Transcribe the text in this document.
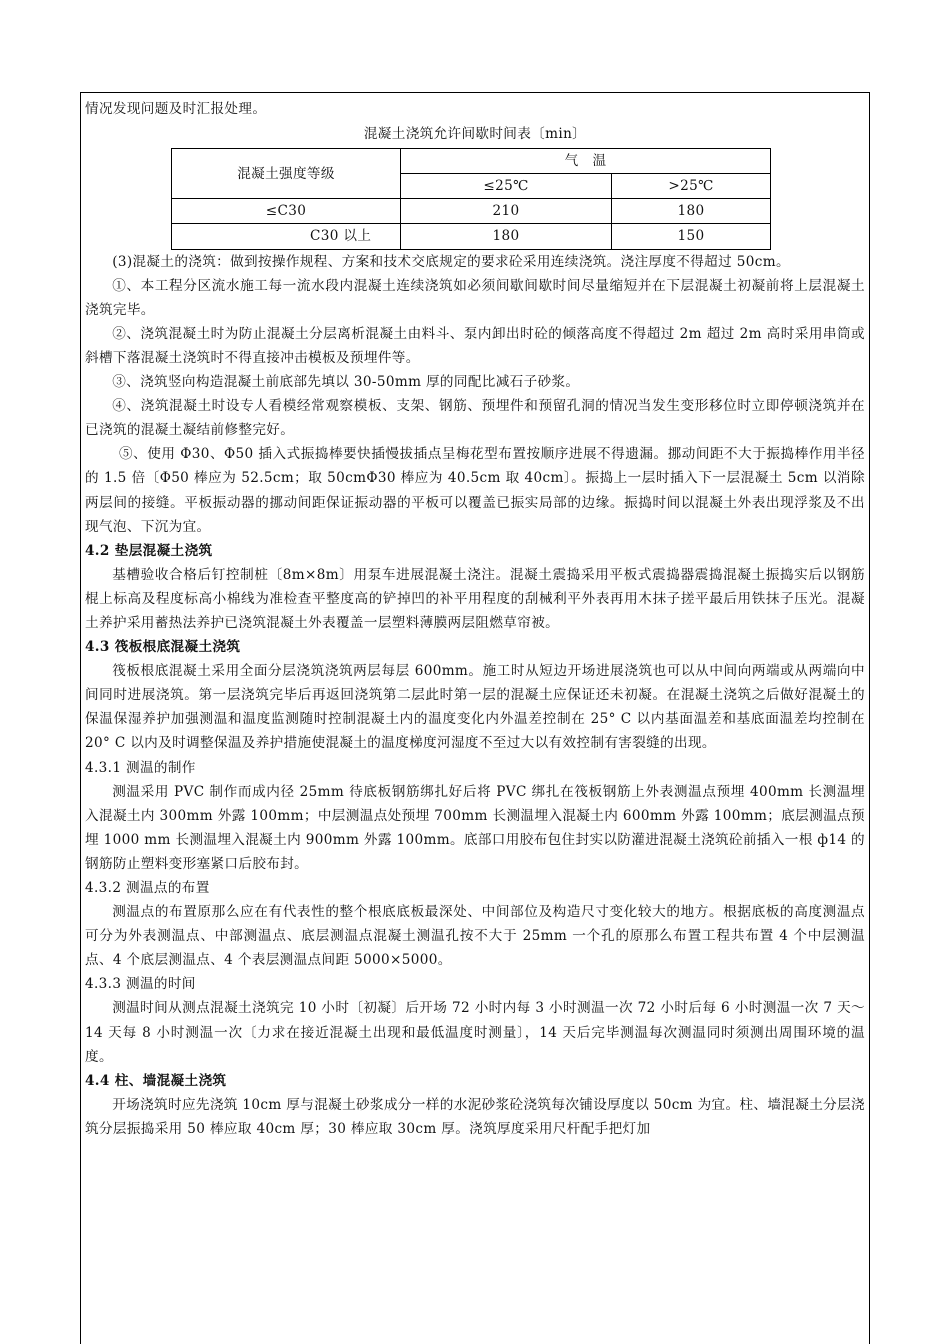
情况发现问题及时汇报处理。

混凝土浇筑允许间歇时间表〔min〕

混凝土强度等级	气　温	
	≤25℃	>25℃
≤C30	210	180
C30 以上	180	150

(3)混凝土的浇筑：做到按操作规程、方案和技术交底规定的要求砼采用连续浇筑。浇注厚度不得超过 50cm。

①、本工程分区流水施工每一流水段内混凝土连续浇筑如必须间歇间歇时间尽量缩短并在下层混凝土初凝前将上层混凝土浇筑完毕。

②、浇筑混凝土时为防止混凝土分层离析混凝土由料斗、泵内卸出时砼的倾落高度不得超过 2m 超过 2m 高时采用串筒或斜槽下落混凝土浇筑时不得直接冲击模板及预埋件等。

③、浇筑竖向构造混凝土前底部先填以 30-50mm 厚的同配比减石子砂浆。

④、浇筑混凝土时设专人看模经常观察模板、支架、钢筋、预埋件和预留孔洞的情况当发生变形移位时立即停顿浇筑并在已浇筑的混凝土凝结前修整完好。

⑤、使用 Φ30、Φ50 插入式振捣棒要快插慢拔插点呈梅花型布置按顺序进展不得遗漏。挪动间距不大于振捣棒作用半径的 1.5 倍〔Φ50 棒应为 52.5cm；取 50cmΦ30 棒应为 40.5cm 取 40cm〕。振捣上一层时插入下一层混凝土 5cm 以消除两层间的接缝。平板振动器的挪动间距保证振动器的平板可以覆盖已振实局部的边缘。振捣时间以混凝土外表出现浮浆及不出现气泡、下沉为宜。

4.2 垫层混凝土浇筑

基槽验收合格后钉控制桩〔8m×8m〕用泵车进展混凝土浇注。混凝土震捣采用平板式震捣器震捣混凝土振捣实后以钢筋棍上标高及程度标高小棉线为准检查平整度高的铲掉凹的补平用程度的刮械利平外表再用木抹子搓平最后用铁抹子压光。混凝土养护采用蓄热法养护已浇筑混凝土外表覆盖一层塑料薄膜两层阻燃草帘被。

4.3 筏板根底混凝土浇筑

筏板根底混凝土采用全面分层浇筑浇筑两层每层 600mm。施工时从短边开场进展浇筑也可以从中间向两端或从两端向中间同时进展浇筑。第一层浇筑完毕后再返回浇筑第二层此时第一层的混凝土应保证还未初凝。在混凝土浇筑之后做好混凝土的保温保湿养护加强测温和温度监测随时控制混凝土内的温度变化内外温差控制在 25° C 以内基面温差和基底面温差均控制在 20° C 以内及时调整保温及养护措施使混凝土的温度梯度河湿度不至过大以有效控制有害裂缝的出现。

4.3.1 测温的制作

测温采用 PVC 制作而成内径 25mm 待底板钢筋绑扎好后将 PVC 绑扎在筏板钢筋上外表测温点预埋 400mm 长测温埋入混凝土内 300mm 外露 100mm；中层测温点处预埋 700mm 长测温埋入混凝土内 600mm 外露 100mm；底层测温点预埋 1000 mm 长测温埋入混凝土内 900mm 外露 100mm。底部口用胶布包住封实以防灌进混凝土浇筑砼前插入一根 ф14 的钢筋防止塑料变形塞紧口后胶布封。

4.3.2 测温点的布置

测温点的布置原那么应在有代表性的整个根底底板最深处、中间部位及构造尺寸变化较大的地方。根据底板的高度测温点可分为外表测温点、中部测温点、底层测温点混凝土测温孔按不大于 25mm 一个孔的原那么布置工程共布置 4 个中层测温点、4 个底层测温点、4 个表层测温点间距 5000×5000。

4.3.3 测温的时间

测温时间从测点混凝土浇筑完 10 小时〔初凝〕后开场 72 小时内每 3 小时测温一次 72 小时后每 6 小时测温一次 7 天～14 天每 8 小时测温一次〔力求在接近混凝土出现和最低温度时测量〕，14 天后完毕测温每次测温同时须测出周围环境的温度。

4.4 柱、墙混凝土浇筑

开场浇筑时应先浇筑 10cm 厚与混凝土砂浆成分一样的水泥砂浆砼浇筑每次铺设厚度以 50cm 为宜。柱、墙混凝土分层浇筑分层振捣采用 50 棒应取 40cm 厚；30 棒应取 30cm 厚。浇筑厚度采用尺杆配手把灯加
